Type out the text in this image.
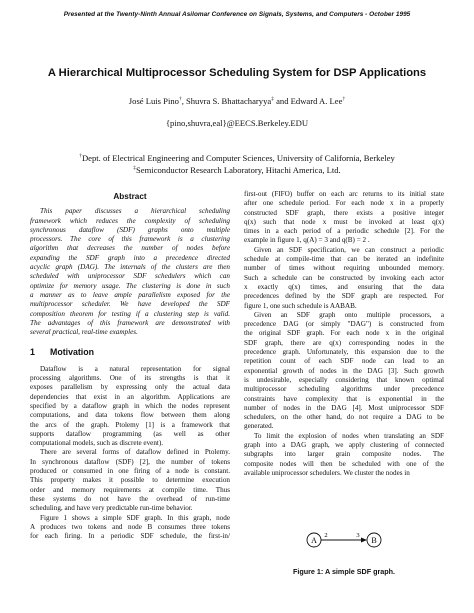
Presented at the Twenty-Ninth Annual Asilomar Conference on Signals, Systems, and Computers - October 1995
A Hierarchical Multiprocessor Scheduling System for DSP Applications
José Luis Pino†, Shuvra S. Bhattacharyya‡ and Edward A. Lee†
{pino,shuvra,eal}@EECS.Berkeley.EDU
†Dept. of Electrical Engineering and Computer Sciences, University of California, Berkeley
‡Semiconductor Research Laboratory, Hitachi America, Ltd.
Abstract
This paper discusses a hierarchical scheduling
framework which reduces the complexity of scheduling
synchronous dataflow (SDF) graphs onto multiple
processors. The core of this framework is a clustering
algorithm that decreases the number of nodes before
expanding the SDF graph into a precedence directed
acyclic graph (DAG). The internals of the clusters are then
scheduled with uniprocessor SDF schedulers which can
optimize for memory usage. The clustering is done in such
a manner as to leave ample parallelism exposed for the
multiprocessor scheduler. We have developed the SDF
composition theorem for testing if a clustering step is valid.
The advantages of this framework are demonstrated with
several practical, real-time examples.
1 Motivation
Dataflow is a natural representation for signal
processing algorithms. One of its strengths is that it
exposes parallelism by expressing only the actual data
dependencies that exist in an algorithm. Applications are
specified by a dataflow graph in which the nodes represent
computations, and data tokens flow between them along
the arcs of the graph. Ptolemy [1] is a framework that
supports dataflow programming (as well as other
computational models, such as discrete event).
There are several forms of dataflow defined in Ptolemy.
In synchronous dataflow (SDF) [2], the number of tokens
produced or consumed in one firing of a node is constant.
This property makes it possible to determine execution
order and memory requirements at compile time. Thus
these systems do not have the overhead of run-time
scheduling, and have very predictable run-time behavior.
Figure 1 shows a simple SDF graph. In this graph, node
A produces two tokens and node B consumes three tokens
for each firing. In a periodic SDF schedule, the first-in/
first-out (FIFO) buffer on each arc returns to its initial state
after one schedule period. For each node x in a properly
constructed SDF graph, there exists a positive integer
q(x) such that node x must be invoked at least q(x)
times in a each period of a periodic schedule [2]. For the
example in figure 1, q(A) = 3 and q(B) = 2 .
Given an SDF specification, we can construct a periodic
schedule at compile-time that can be iterated an indefinite
number of times without requiring unbounded memory.
Such a schedule can be constructed by invoking each actor
x exactly q(x) times, and ensuring that the data
precedences defined by the SDF graph are respected. For
figure 1, one such schedule is AABAB.
Given an SDF graph onto multiple processors, a
precedence DAG (or simply "DAG") is constructed from
the original SDF graph. For each node x in the original
SDF graph, there are q(x) corresponding nodes in the
precedence graph. Unfortunately, this expansion due to the
repetition count of each SDF node can lead to an
exponential growth of nodes in the DAG [3]. Such growth
is undesirable, especially considering that known optimal
multiprocessor scheduling algorithms under precedence
constraints have complexity that is exponential in the
number of nodes in the DAG [4]. Most uniprocessor SDF
schedulers, on the other hand, do not require a DAG to be
generated.
To limit the explosion of nodes when translating an SDF
graph into a DAG graph, we apply clustering of connected
subgraphs into larger grain composite nodes. The
composite nodes will then be scheduled with one of the
available uniprocessor schedulers. We cluster the nodes in
A
2	3
B
Figure 1: A simple SDF graph.
